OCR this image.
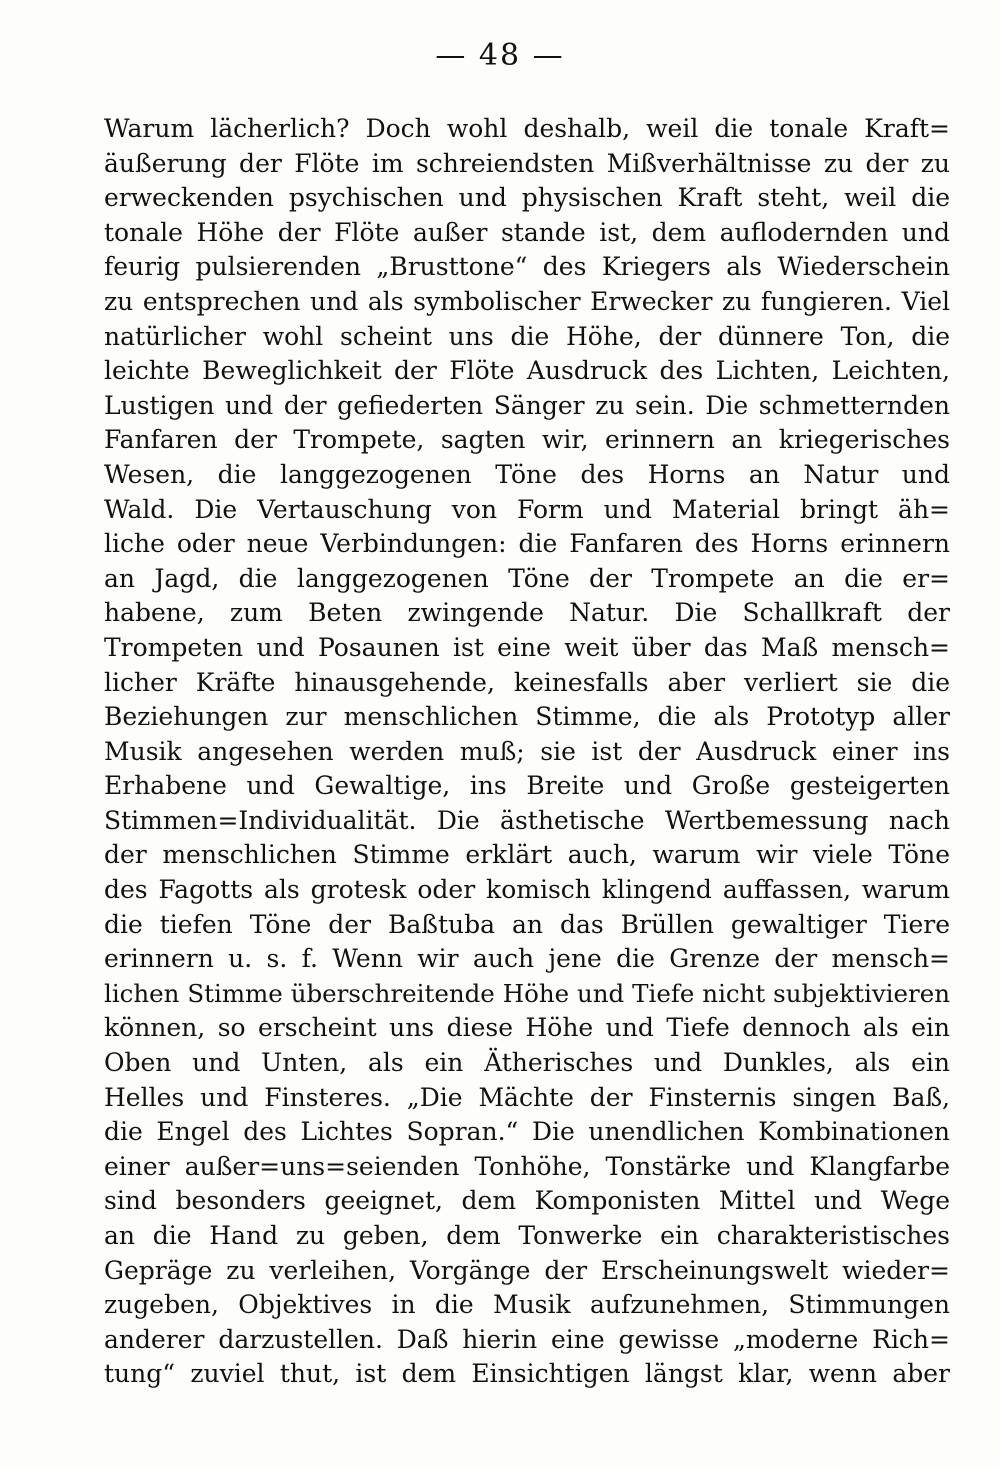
— 48 —
Warum lächerlich? Doch wohl deshalb, weil die tonale Kraft=
äußerung der Flöte im schreiendsten Mißverhältnisse zu der zu
erweckenden psychischen und physischen Kraft steht, weil die
tonale Höhe der Flöte außer stande ist, dem auflodernden und
feurig pulsierenden „Brusttone“ des Kriegers als Wiederschein
zu entsprechen und als symbolischer Erwecker zu fungieren. Viel
natürlicher wohl scheint uns die Höhe, der dünnere Ton, die
leichte Beweglichkeit der Flöte Ausdruck des Lichten, Leichten,
Lustigen und der gefiederten Sänger zu sein. Die schmetternden
Fanfaren der Trompete, sagten wir, erinnern an kriegerisches
Wesen, die langgezogenen Töne des Horns an Natur und
Wald. Die Vertauschung von Form und Material bringt äh=
liche oder neue Verbindungen: die Fanfaren des Horns erinnern
an Jagd, die langgezogenen Töne der Trompete an die er=
habene, zum Beten zwingende Natur. Die Schallkraft der
Trompeten und Posaunen ist eine weit über das Maß mensch=
licher Kräfte hinausgehende, keinesfalls aber verliert sie die
Beziehungen zur menschlichen Stimme, die als Prototyp aller
Musik angesehen werden muß; sie ist der Ausdruck einer ins
Erhabene und Gewaltige, ins Breite und Große gesteigerten
Stimmen=Individualität. Die ästhetische Wertbemessung nach
der menschlichen Stimme erklärt auch, warum wir viele Töne
des Fagotts als grotesk oder komisch klingend auffassen, warum
die tiefen Töne der Baßtuba an das Brüllen gewaltiger Tiere
erinnern u. s. f. Wenn wir auch jene die Grenze der mensch=
lichen Stimme überschreitende Höhe und Tiefe nicht subjektivieren
können, so erscheint uns diese Höhe und Tiefe dennoch als ein
Oben und Unten, als ein Ätherisches und Dunkles, als ein
Helles und Finsteres. „Die Mächte der Finsternis singen Baß,
die Engel des Lichtes Sopran.“ Die unendlichen Kombinationen
einer außer=uns=seienden Tonhöhe, Tonstärke und Klangfarbe
sind besonders geeignet, dem Komponisten Mittel und Wege
an die Hand zu geben, dem Tonwerke ein charakteristisches
Gepräge zu verleihen, Vorgänge der Erscheinungswelt wieder=
zugeben, Objektives in die Musik aufzunehmen, Stimmungen
anderer darzustellen. Daß hierin eine gewisse „moderne Rich=
tung“ zuviel thut, ist dem Einsichtigen längst klar, wenn aber
